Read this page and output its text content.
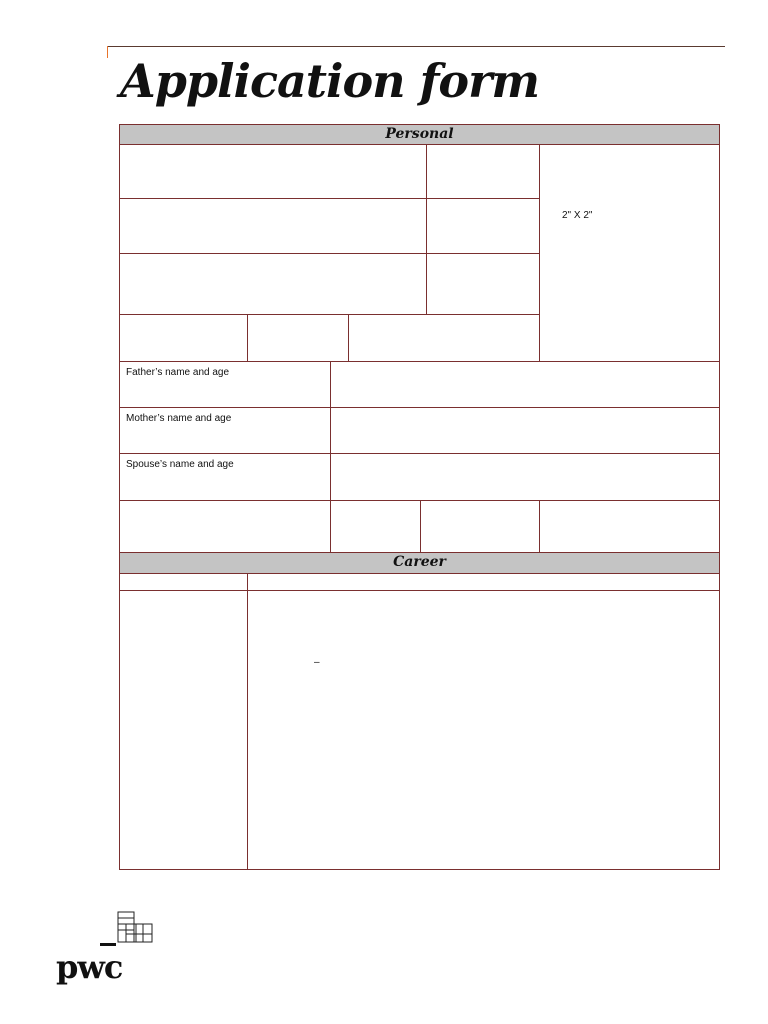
Application form
Personal
Father’s name and age
Mother’s name and age
Spouse’s name and age
Career
2" X 2"
–
pwc
